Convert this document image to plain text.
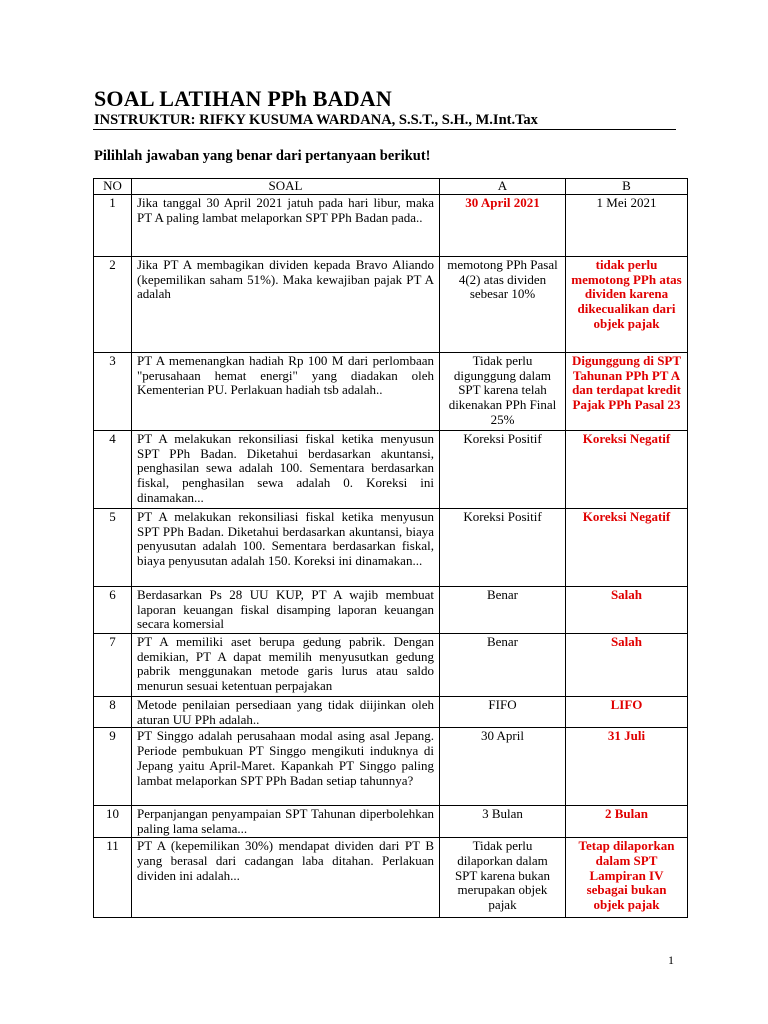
SOAL LATIHAN PPh BADAN
INSTRUKTUR: RIFKY KUSUMA WARDANA, S.S.T., S.H., M.Int.Tax
Pilihlah jawaban yang benar dari pertanyaan berikut!
NO	SOAL	A	B
1	Jika tanggal 30 April 2021 jatuh pada hari libur, maka PT A paling lambat melaporkan SPT PPh Badan pada..	30 April 2021	1 Mei 2021
2	Jika PT A membagikan dividen kepada Bravo Aliando (kepemilikan saham 51%). Maka kewajiban pajak PT A adalah	memotong PPh Pasal 4(2) atas dividen sebesar 10%	tidak perlu memotong PPh atas dividen karena dikecualikan dari objek pajak
3	PT A memenangkan hadiah Rp 100 M dari perlombaan "perusahaan hemat energi" yang diadakan oleh Kementerian PU. Perlakuan hadiah tsb adalah..	Tidak perlu digunggung dalam SPT karena telah dikenakan PPh Final 25%	Digunggung di SPT Tahunan PPh PT A dan terdapat kredit Pajak PPh Pasal 23
4	PT A melakukan rekonsiliasi fiskal ketika menyusun SPT PPh Badan. Diketahui berdasarkan akuntansi, penghasilan sewa adalah 100. Sementara berdasarkan fiskal, penghasilan sewa adalah 0. Koreksi ini dinamakan...	Koreksi Positif	Koreksi Negatif
5	PT A melakukan rekonsiliasi fiskal ketika menyusun SPT PPh Badan. Diketahui berdasarkan akuntansi, biaya penyusutan adalah 100. Sementara berdasarkan fiskal, biaya penyusutan adalah 150. Koreksi ini dinamakan...	Koreksi Positif	Koreksi Negatif
6	Berdasarkan Ps 28 UU KUP, PT A wajib membuat laporan keuangan fiskal disamping laporan keuangan secara komersial	Benar	Salah
7	PT A memiliki aset berupa gedung pabrik. Dengan demikian, PT A dapat memilih menyusutkan gedung pabrik menggunakan metode garis lurus atau saldo menurun sesuai ketentuan perpajakan	Benar	Salah
8	Metode penilaian persediaan yang tidak diijinkan oleh aturan UU PPh adalah..	FIFO	LIFO
9	PT Singgo adalah perusahaan modal asing asal Jepang. Periode pembukuan PT Singgo mengikuti induknya di Jepang yaitu April-Maret. Kapankah PT Singgo paling lambat melaporkan SPT PPh Badan setiap tahunnya?	30 April	31 Juli
10	Perpanjangan penyampaian SPT Tahunan diperbolehkan paling lama selama...	3 Bulan	2 Bulan
11	PT A (kepemilikan 30%) mendapat dividen dari PT B yang berasal dari cadangan laba ditahan. Perlakuan dividen ini adalah...	Tidak perlu dilaporkan dalam SPT karena bukan merupakan objek pajak	Tetap dilaporkan dalam SPT Lampiran IV sebagai bukan objek pajak
1
